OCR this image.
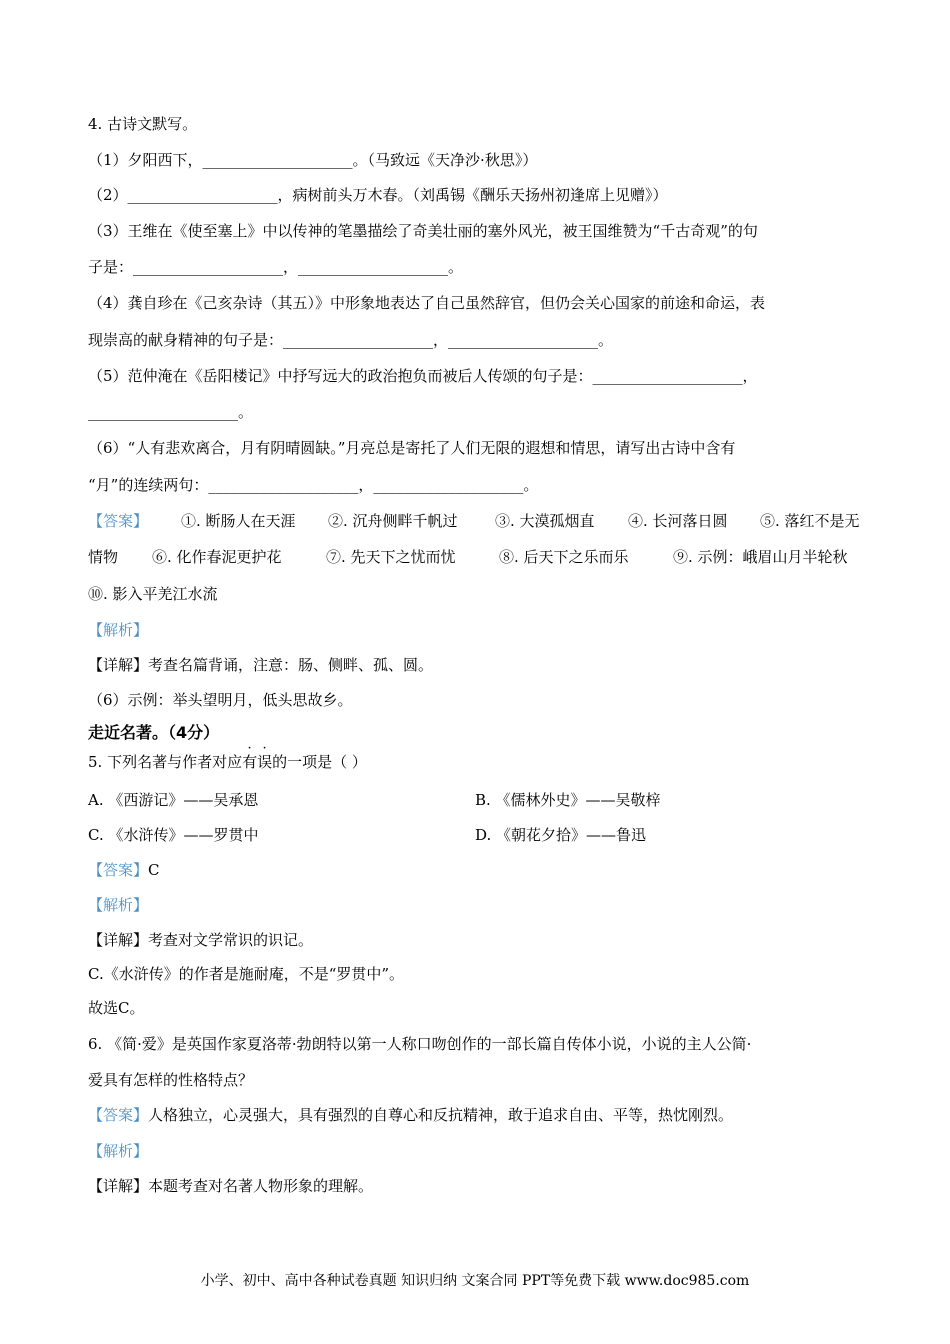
4. 古诗文默写。
（1）夕阳西下，____________________。（马致远《天净沙·秋思》）
（2）____________________，病树前头万木春。（刘禹锡《酬乐天扬州初逢席上见赠》）
（3）王维在《使至塞上》中以传神的笔墨描绘了奇美壮丽的塞外风光，被王国维赞为“千古奇观”的句
子是：____________________，____________________。
（4）龚自珍在《己亥杂诗（其五）》中形象地表达了自己虽然辞官，但仍会关心国家的前途和命运，表
现崇高的献身精神的句子是：____________________，____________________。
（5）范仲淹在《岳阳楼记》中抒写远大的政治抱负而被后人传颂的句子是：____________________，
____________________。
（6）“人有悲欢离合，月有阴晴圆缺。”月亮总是寄托了人们无限的遐想和情思，请写出古诗中含有
“月”的连续两句：____________________，____________________。
【答案】 ①. 断肠人在天涯 ②. 沉舟侧畔千帆过 ③. 大漠孤烟直 ④. 长河落日圆 ⑤. 落红不是无
情物 ⑥. 化作春泥更护花	⑦. 先天下之忧而忧	⑧. 后天下之乐而乐	⑨. 示例：峨眉山月半轮秋
⑩. 影入平羌江水流
【解析】
【详解】考查名篇背诵，注意：肠、侧畔、孤、圆。
（6）示例：举头望明月，低头思故乡。
走近名著。（4分）
5. 下列名著与作者对应有误的一项是（ ）
A. 《西游记》——吴承恩	B. 《儒林外史》——吴敬梓
C. 《水浒传》——罗贯中	D. 《朝花夕拾》——鲁迅
【答案】C
【解析】
【详解】考查对文学常识的识记。
C.《水浒传》的作者是施耐庵，不是“罗贯中”。
故选C。
6. 《简·爱》是英国作家夏洛蒂·勃朗特以第一人称口吻创作的一部长篇自传体小说，小说的主人公简·
爱具有怎样的性格特点？
【答案】人格独立，心灵强大，具有强烈的自尊心和反抗精神，敢于追求自由、平等，热忱刚烈。
【解析】
【详解】本题考查对名著人物形象的理解。
小学、初中、高中各种试卷真题 知识归纳 文案合同 PPT等免费下载 www.doc985.com
